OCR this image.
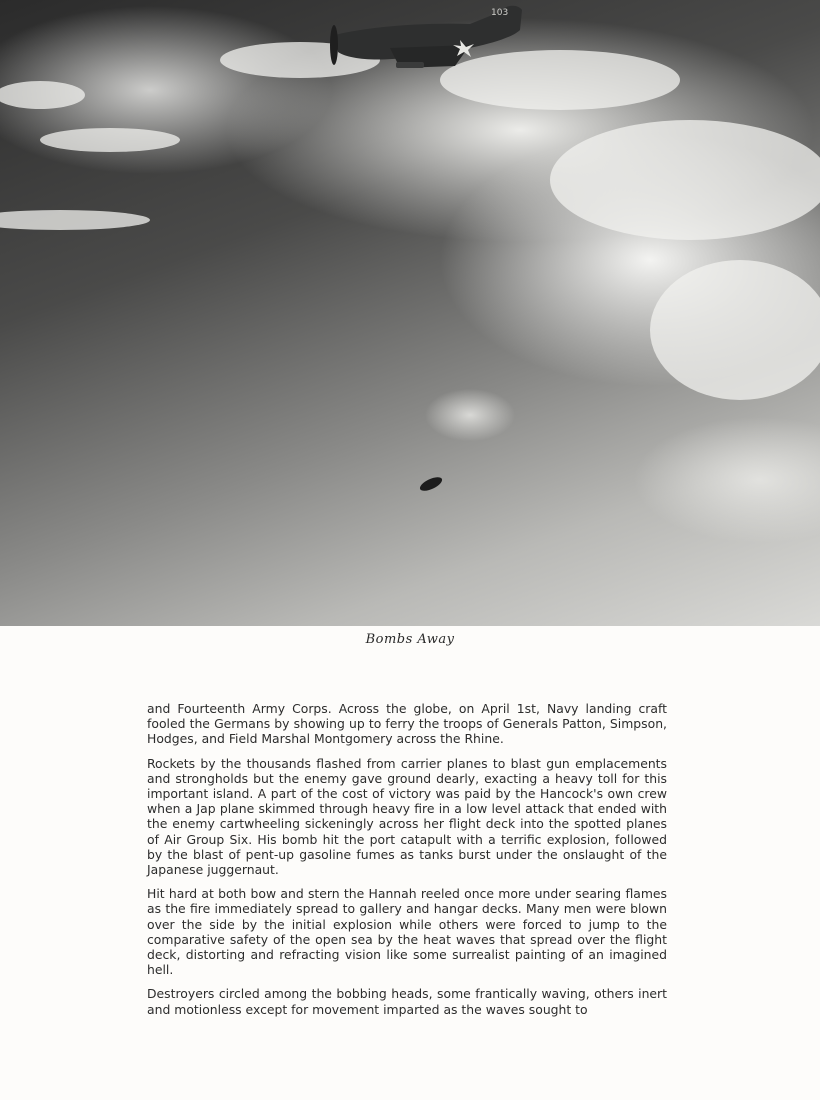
103
Bombs Away

and Fourteenth Army Corps. Across the globe, on April 1st, Navy landing craft fooled the Germans by showing up to ferry the troops of Generals Patton, Simpson, Hodges, and Field Marshal Montgomery across the Rhine.

Rockets by the thousands flashed from carrier planes to blast gun emplacements and strongholds but the enemy gave ground dearly, exacting a heavy toll for this important island. A part of the cost of victory was paid by the Hancock's own crew when a Jap plane skimmed through heavy fire in a low level attack that ended with the enemy cartwheeling sickeningly across her flight deck into the spotted planes of Air Group Six. His bomb hit the port catapult with a terrific explosion, followed by the blast of pent-up gasoline fumes as tanks burst under the onslaught of the Japanese juggernaut.

Hit hard at both bow and stern the Hannah reeled once more under searing flames as the fire immediately spread to gallery and hangar decks. Many men were blown over the side by the initial explosion while others were forced to jump to the comparative safety of the open sea by the heat waves that spread over the flight deck, distorting and refracting vision like some surrealist painting of an imagined hell.

Destroyers circled among the bobbing heads, some frantically waving, others inert and motionless except for movement imparted as the waves sought to
